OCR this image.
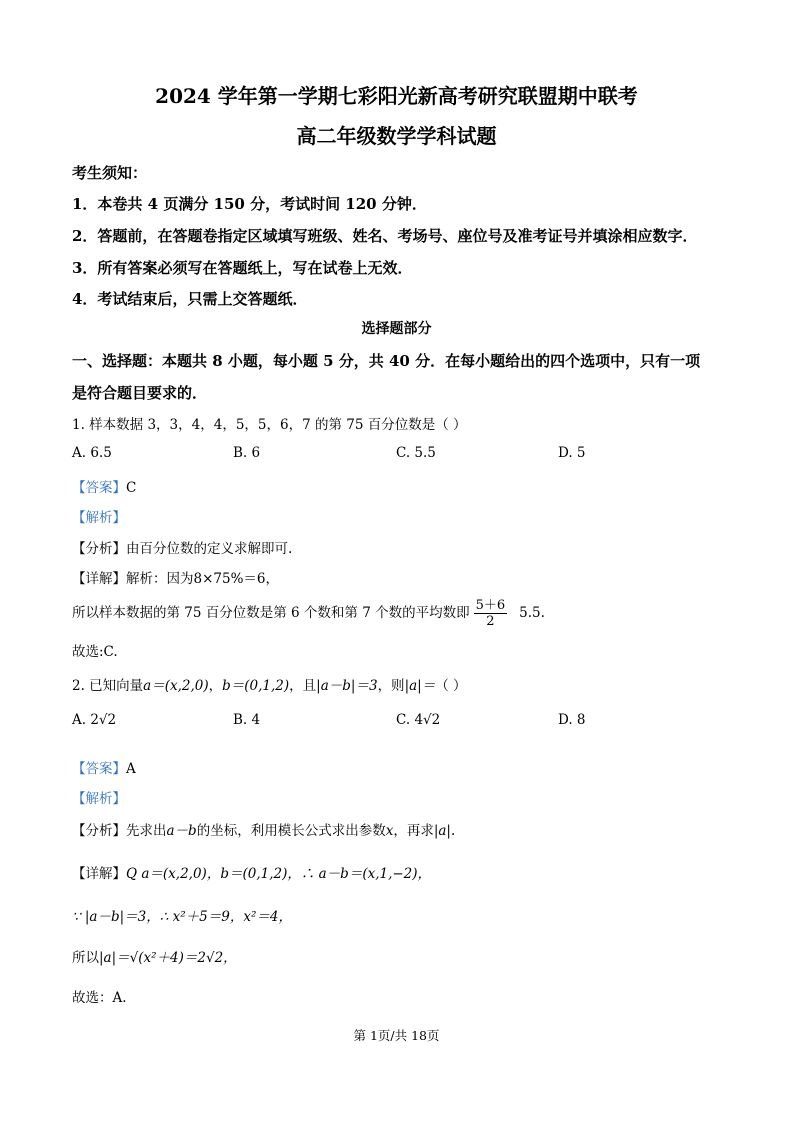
2024 学年第一学期七彩阳光新高考研究联盟期中联考
高二年级数学学科试题
考生须知：
1．本卷共 4 页满分 150 分，考试时间 120 分钟．
2．答题前，在答题卷指定区域填写班级、姓名、考场号、座位号及准考证号并填涂相应数字．
3．所有答案必须写在答题纸上，写在试卷上无效．
4．考试结束后，只需上交答题纸．
选择题部分
一、选择题：本题共 8 小题，每小题 5 分，共 40 分．在每小题给出的四个选项中，只有一项
是符合题目要求的．
1. 样本数据 3，3，4，4，5，5，6，7 的第 75 百分位数是（ ）
A. 6.5	B. 6	C. 5.5	D. 5
【答案】C
【解析】
【分析】由百分位数的定义求解即可.
【详解】解析：因为8×75%＝6，
所以样本数据的第 75 百分位数是第 6 个数和第 7 个数的平均数即 $\frac{5+6}{2} 5.5$.
故选:C.
2. 已知向量a＝(x,2,0)，b＝(0,1,2)，且|a－b|＝3，则|a|＝（ ）
A. 2√2	B. 4	C. 4√2	D. 8
【答案】A
【解析】
【分析】先求出a－b的坐标，利用模长公式求出参数x，再求|a|.
【详解】Q a＝(x,2,0)，b＝(0,1,2)，∴ a－b＝(x,1,−2)，
∵ |a－b|＝3，∴ x²＋5＝9，x²＝4，
所以|a|＝√(x²＋4)＝2√2，
故选：A.
第 1页/共 18页
